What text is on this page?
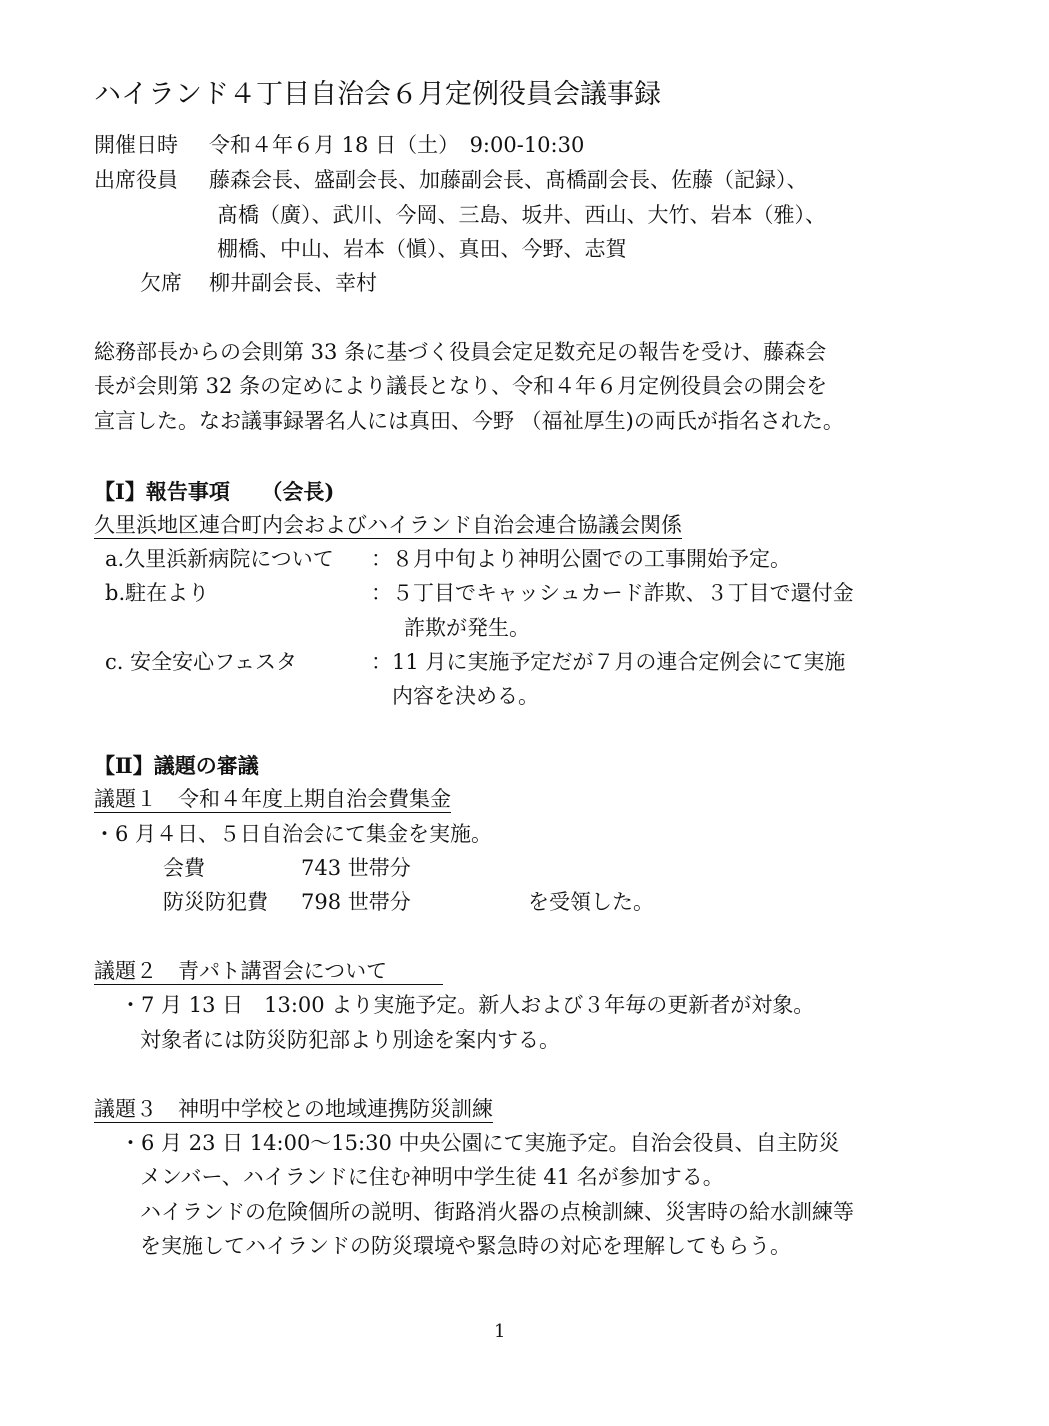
ハイランド４丁目自治会６月定例役員会議事録
開催日時 令和４年６月 18 日（土）　9:00-10:30
出席役員 藤森会長、盛副会長、加藤副会長、髙橋副会長、佐藤（記録）、
髙橋（廣）、武川、今岡、三島、坂井、西山、大竹、岩本（雅）、
棚橋、中山、岩本（愼）、真田、今野、志賀
欠席 柳井副会長、幸村
総務部長からの会則第 33 条に基づく役員会定足数充足の報告を受け、藤森会
長が会則第 32 条の定めにより議長となり、令和４年６月定例役員会の開会を
宣言した。なお議事録署名人には真田、今野 （福祉厚生)の両氏が指名された。
【Ⅰ】報告事項　　（会長)
久里浜地区連合町内会およびハイランド自治会連合協議会関係
a.久里浜新病院について ：８月中旬より神明公園での工事開始予定。
b.駐在より	：５丁目でキャッシュカード詐欺、３丁目で還付金
詐欺が発生。
c. 安全安心フェスタ	：11 月に実施予定だが７月の連合定例会にて実施
内容を決める。
【Ⅱ】議題の審議
議題１　令和４年度上期自治会費集金
・6 月４日、５日自治会にて集金を実施。
会費	743 世帯分
防災防犯費 798 世帯分	を受領した。
議題２　青パト講習会について
・7 月 13 日　13:00 より実施予定。新人および３年毎の更新者が対象。
対象者には防災防犯部より別途を案内する。
議題３　神明中学校との地域連携防災訓練
・6 月 23 日 14:00～15:30 中央公園にて実施予定。自治会役員、自主防災
メンバー、ハイランドに住む神明中学生徒 41 名が参加する。
ハイランドの危険個所の説明、街路消火器の点検訓練、災害時の給水訓練等
を実施してハイランドの防災環境や緊急時の対応を理解してもらう。
1
